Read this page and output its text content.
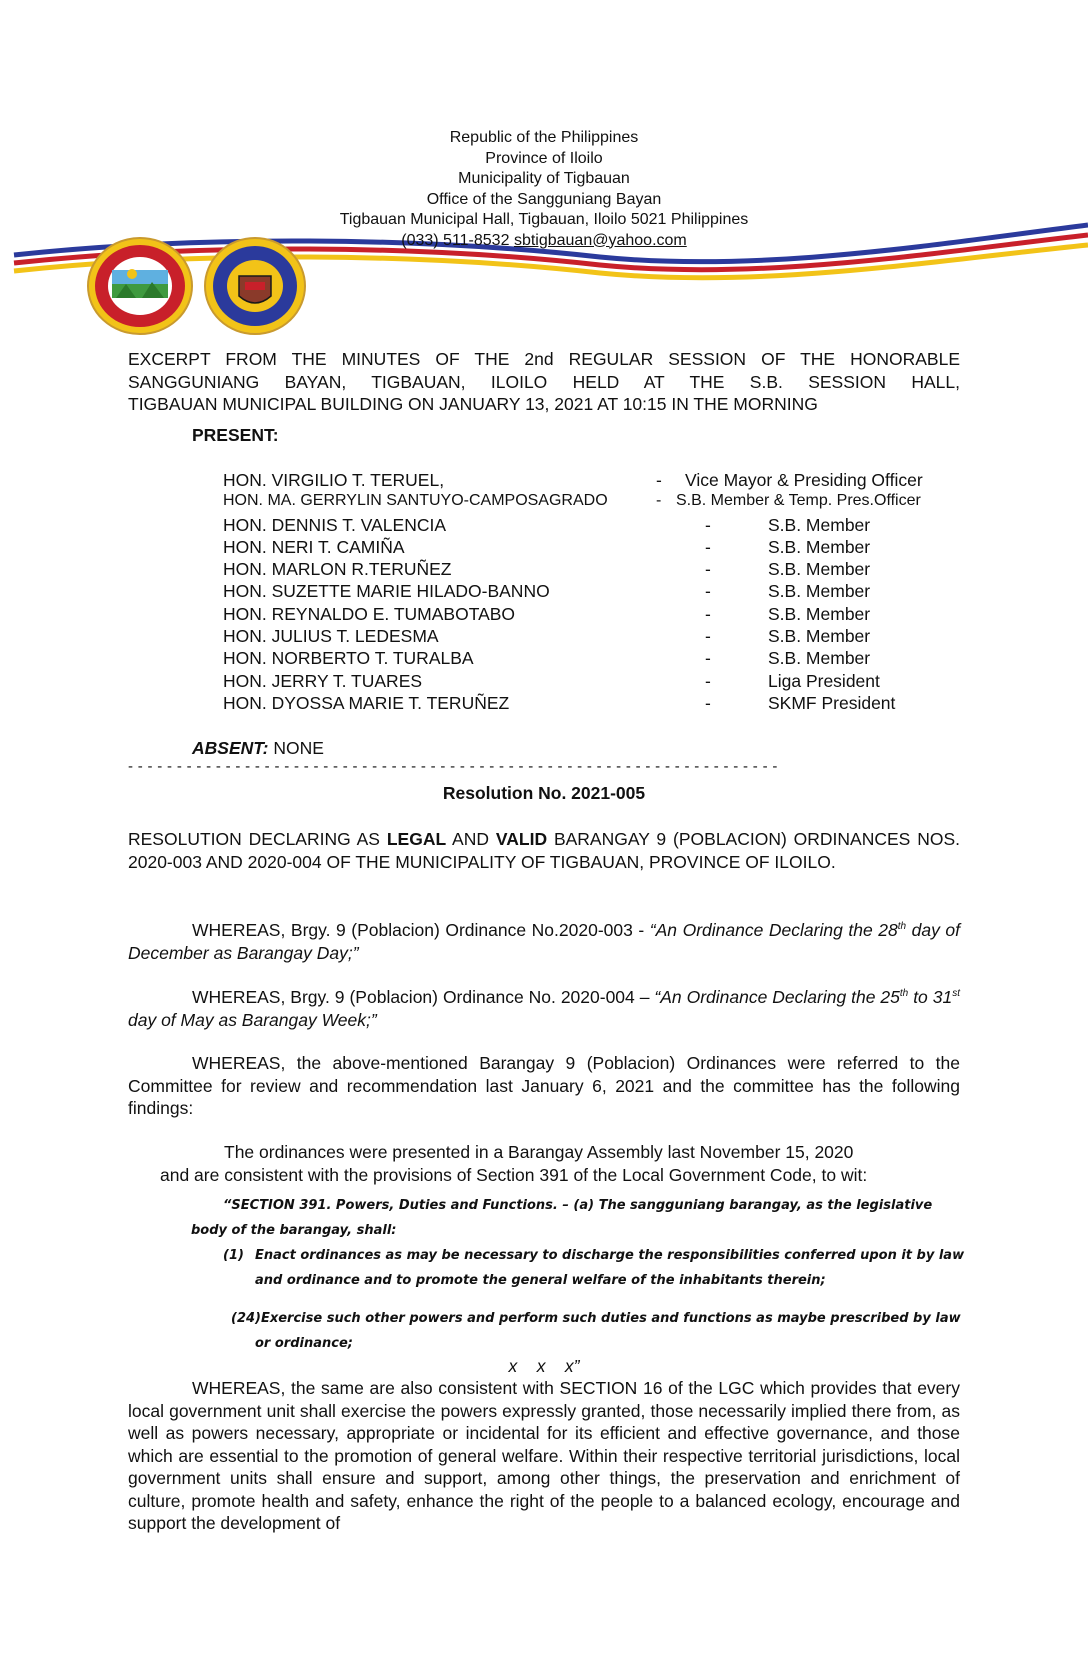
Republic of the Philippines
Province of Iloilo
Municipality of Tigbauan
Office of the Sangguniang Bayan
Tigbauan Municipal Hall, Tigbauan, Iloilo 5021 Philippines
(033) 511-8532 sbtigbauan@yahoo.com
EXCERPT FROM THE MINUTES OF THE 2nd REGULAR SESSION OF THE HONORABLE
SANGGUNIANG BAYAN, TIGBAUAN, ILOILO HELD AT THE S.B. SESSION HALL,
TIGBAUAN MUNICIPAL BUILDING ON JANUARY 13, 2021 AT 10:15 IN THE MORNING
PRESENT:
HON. VIRGILIO T. TERUEL,	- Vice Mayor & Presiding Officer
HON. MA. GERRYLIN SANTUYO-CAMPOSAGRADO	- S.B. Member & Temp. Pres.Officer
HON. DENNIS T. VALENCIA	-	S.B. Member
HON. NERI T. CAMIÑA	-	S.B. Member
HON. MARLON R.TERUÑEZ	-	S.B. Member
HON. SUZETTE MARIE HILADO-BANNO	-	S.B. Member
HON. REYNALDO E. TUMABOTABO	-	S.B. Member
HON. JULIUS T. LEDESMA	-	S.B. Member
HON. NORBERTO T. TURALBA	-	S.B. Member
HON. JERRY T. TUARES	-	Liga President
HON. DYOSSA MARIE T. TERUÑEZ	-	SKMF President
ABSENT: NONE
- - - - - - - - - - - - - - - - - - - - - - - - - - - - - - - - - - - - - - - - - - - - - - - - - - - - - - - - - - - - - - - - - - -
Resolution No. 2021-005
RESOLUTION DECLARING AS LEGAL AND VALID BARANGAY 9 (POBLACION) ORDINANCES NOS. 2020-003 AND 2020-004 OF THE MUNICIPALITY OF TIGBAUAN, PROVINCE OF ILOILO.
WHEREAS, Brgy. 9 (Poblacion) Ordinance No.2020-003 - “An Ordinance Declaring the 28th day of December as Barangay Day;”
WHEREAS, Brgy. 9 (Poblacion) Ordinance No. 2020-004 – “An Ordinance Declaring the 25th to 31st day of May as Barangay Week;”
WHEREAS, the above-mentioned Barangay 9 (Poblacion) Ordinances were referred to the Committee for review and recommendation last January 6, 2021 and the committee has the following findings:
The ordinances were presented in a Barangay Assembly last November 15, 2020
and are consistent with the provisions of Section 391 of the Local Government Code, to wit:
“SECTION 391. Powers, Duties and Functions. – (a) The sangguniang barangay, as the legislative
body of the barangay, shall:
(1) Enact ordinances as may be necessary to discharge the responsibilities conferred upon it by law
and ordinance and to promote the general welfare of the inhabitants therein;
(24)Exercise such other powers and perform such duties and functions as maybe prescribed by law
or ordinance;
x    x    x”
WHEREAS, the same are also consistent with SECTION 16 of the LGC which provides that every local government unit shall exercise the powers expressly granted, those necessarily implied there from, as well as powers necessary, appropriate or incidental for its efficient and effective governance, and those which are essential to the promotion of general welfare. Within their respective territorial jurisdictions, local government units shall ensure and support, among other things, the preservation and enrichment of culture, promote health and safety, enhance the right of the people to a balanced ecology, encourage and support the development of
